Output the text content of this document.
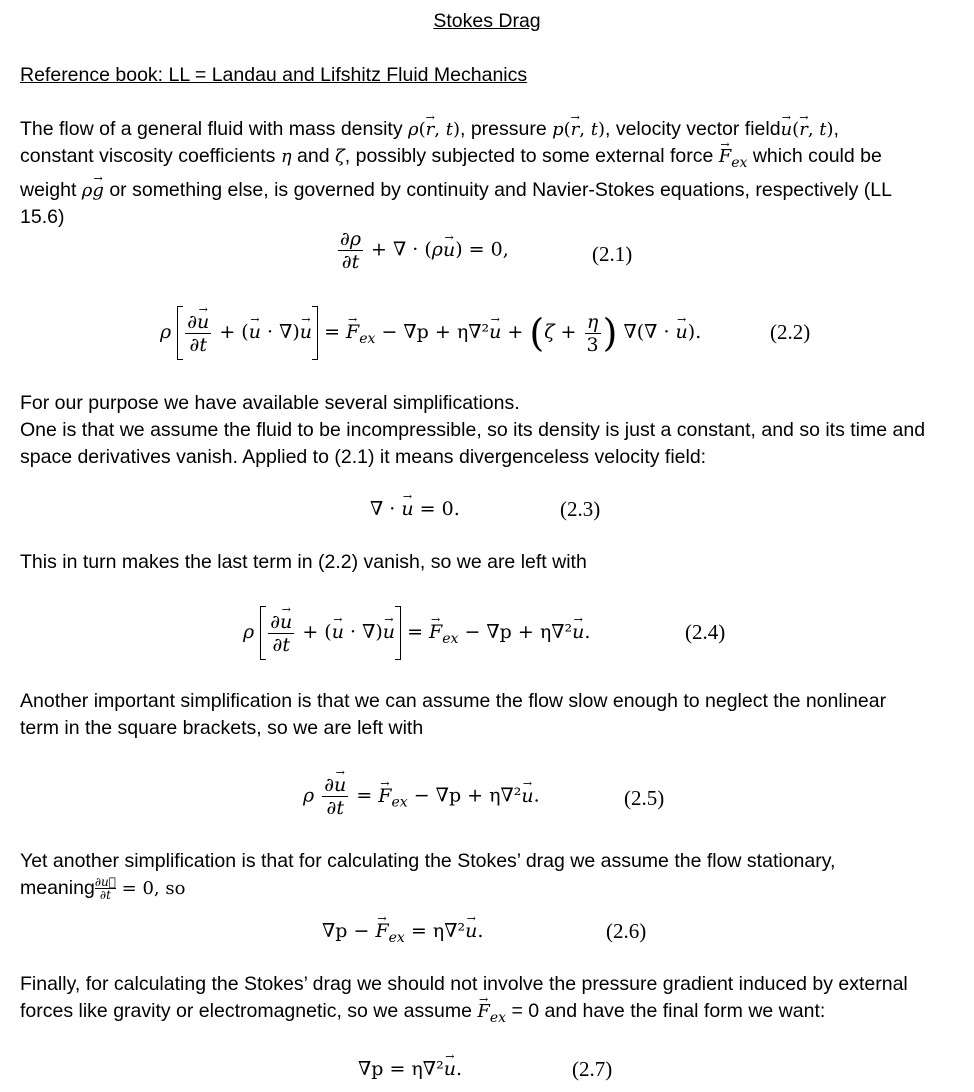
Stokes Drag
Reference book: LL = Landau and Lifshitz Fluid Mechanics
The flow of a general fluid with mass density ρ(→ r, t), pressure p(→ r, t), velocity vector field→ u(→ r, t),
constant viscosity coefficients η and ζ, possibly subjected to some external force → $F_{ex}$ which could be
weight ρ→ g or something else, is governed by continuity and Navier-Stokes equations, respectively (LL
15.6)
$\frac{\partial\rho}{\partial t}$ + ∇ · (ρ→ u) = 0,	(2.1)
ρ $\frac{\partial\to u}{\partial t}$ + (→ u · ∇)→ u = → $F_{ex} - \nabla p + \eta\nabla^2\to u + (\zeta + \frac{\eta}{3}$ ) ∇(∇ · → u).	(2.2)
For our purpose we have available several simplifications.
One is that we assume the fluid to be incompressible, so its density is just a constant, and so its time and
space derivatives vanish. Applied to (2.1) it means divergenceless velocity field:
∇ · → u = 0.	(2.3)
This in turn makes the last term in (2.2) vanish, so we are left with
ρ $\frac{\partial\to u}{\partial t}$ + (→ u · ∇)→ u = → $F_{ex} - \nabla p + \eta\nabla^2\to u$.	(2.4)
Another important simplification is that we can assume the flow slow enough to neglect the nonlinear
term in the square brackets, so we are left with
ρ $\frac{\partial\to u}{\partial t}$ = → $F_{ex} - \nabla p + \eta\nabla^2\to u$.	(2.5)
Yet another simplification is that for calculating the Stokes’ drag we assume the flow stationary,
meaning $\frac{\partial u⃗}{\partial t} = 0$, so
∇p − → $F_{ex} = \eta\nabla^2\to u$.	(2.6)
Finally, for calculating the Stokes’ drag we should not involve the pressure gradient induced by external
forces like gravity or electromagnetic, so we assume → $F_{ex} = 0$ and have the final form we want:
∇p = η∇²→ u.	(2.7)
